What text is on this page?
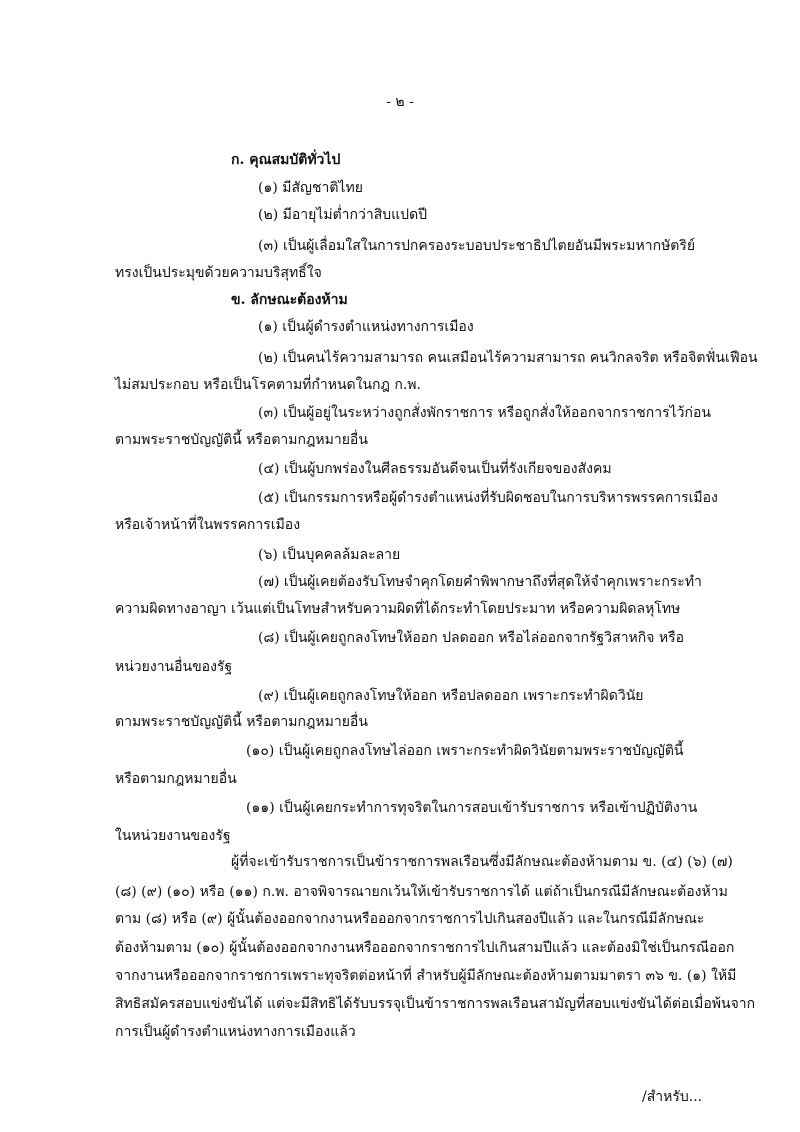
- ๒ -
ก. คุณสมบัติทั่วไป
(๑) มีสัญชาติไทย
(๒) มีอายุไม่ต่ำกว่าสิบแปดปี
(๓) เป็นผู้เลื่อมใสในการปกครองระบอบประชาธิปไตยอันมีพระมหากษัตริย์
ทรงเป็นประมุขด้วยความบริสุทธิ์ใจ
ข. ลักษณะต้องห้าม
(๑) เป็นผู้ดำรงตำแหน่งทางการเมือง
(๒) เป็นคนไร้ความสามารถ คนเสมือนไร้ความสามารถ คนวิกลจริต หรือจิตฟั่นเฟือน
ไม่สมประกอบ หรือเป็นโรคตามที่กำหนดในกฎ ก.พ.
(๓) เป็นผู้อยู่ในระหว่างถูกสั่งพักราชการ หรือถูกสั่งให้ออกจากราชการไว้ก่อน
ตามพระราชบัญญัตินี้ หรือตามกฎหมายอื่น
(๔) เป็นผู้บกพร่องในศีลธรรมอันดีจนเป็นที่รังเกียจของสังคม
(๕) เป็นกรรมการหรือผู้ดำรงตำแหน่งที่รับผิดชอบในการบริหารพรรคการเมือง
หรือเจ้าหน้าที่ในพรรคการเมือง
(๖) เป็นบุคคลล้มละลาย
(๗) เป็นผู้เคยต้องรับโทษจำคุกโดยคำพิพากษาถึงที่สุดให้จำคุกเพราะกระทำ
ความผิดทางอาญา เว้นแต่เป็นโทษสำหรับความผิดที่ได้กระทำโดยประมาท หรือความผิดลหุโทษ
(๘) เป็นผู้เคยถูกลงโทษให้ออก ปลดออก หรือไล่ออกจากรัฐวิสาหกิจ หรือ
หน่วยงานอื่นของรัฐ
(๙) เป็นผู้เคยถูกลงโทษให้ออก หรือปลดออก เพราะกระทำผิดวินัย
ตามพระราชบัญญัตินี้ หรือตามกฎหมายอื่น
(๑๐) เป็นผู้เคยถูกลงโทษไล่ออก เพราะกระทำผิดวินัยตามพระราชบัญญัตินี้
หรือตามกฎหมายอื่น
(๑๑) เป็นผู้เคยกระทำการทุจริตในการสอบเข้ารับราชการ หรือเข้าปฏิบัติงาน
ในหน่วยงานของรัฐ
ผู้ที่จะเข้ารับราชการเป็นข้าราชการพลเรือนซึ่งมีลักษณะต้องห้ามตาม ข. (๔) (๖) (๗)
(๘) (๙) (๑๐) หรือ (๑๑) ก.พ. อาจพิจารณายกเว้นให้เข้ารับราชการได้ แต่ถ้าเป็นกรณีมีลักษณะต้องห้าม
ตาม (๘) หรือ (๙) ผู้นั้นต้องออกจากงานหรือออกจากราชการไปเกินสองปีแล้ว และในกรณีมีลักษณะ
ต้องห้ามตาม (๑๐) ผู้นั้นต้องออกจากงานหรือออกจากราชการไปเกินสามปีแล้ว และต้องมิใช่เป็นกรณีออก
จากงานหรือออกจากราชการเพราะทุจริตต่อหน้าที่ สำหรับผู้มีลักษณะต้องห้ามตามมาตรา ๓๖ ข. (๑) ให้มี
สิทธิสมัครสอบแข่งขันได้ แต่จะมีสิทธิได้รับบรรจุเป็นข้าราชการพลเรือนสามัญที่สอบแข่งขันได้ต่อเมื่อพ้นจาก
การเป็นผู้ดำรงตำแหน่งทางการเมืองแล้ว
/สำหรับ...
